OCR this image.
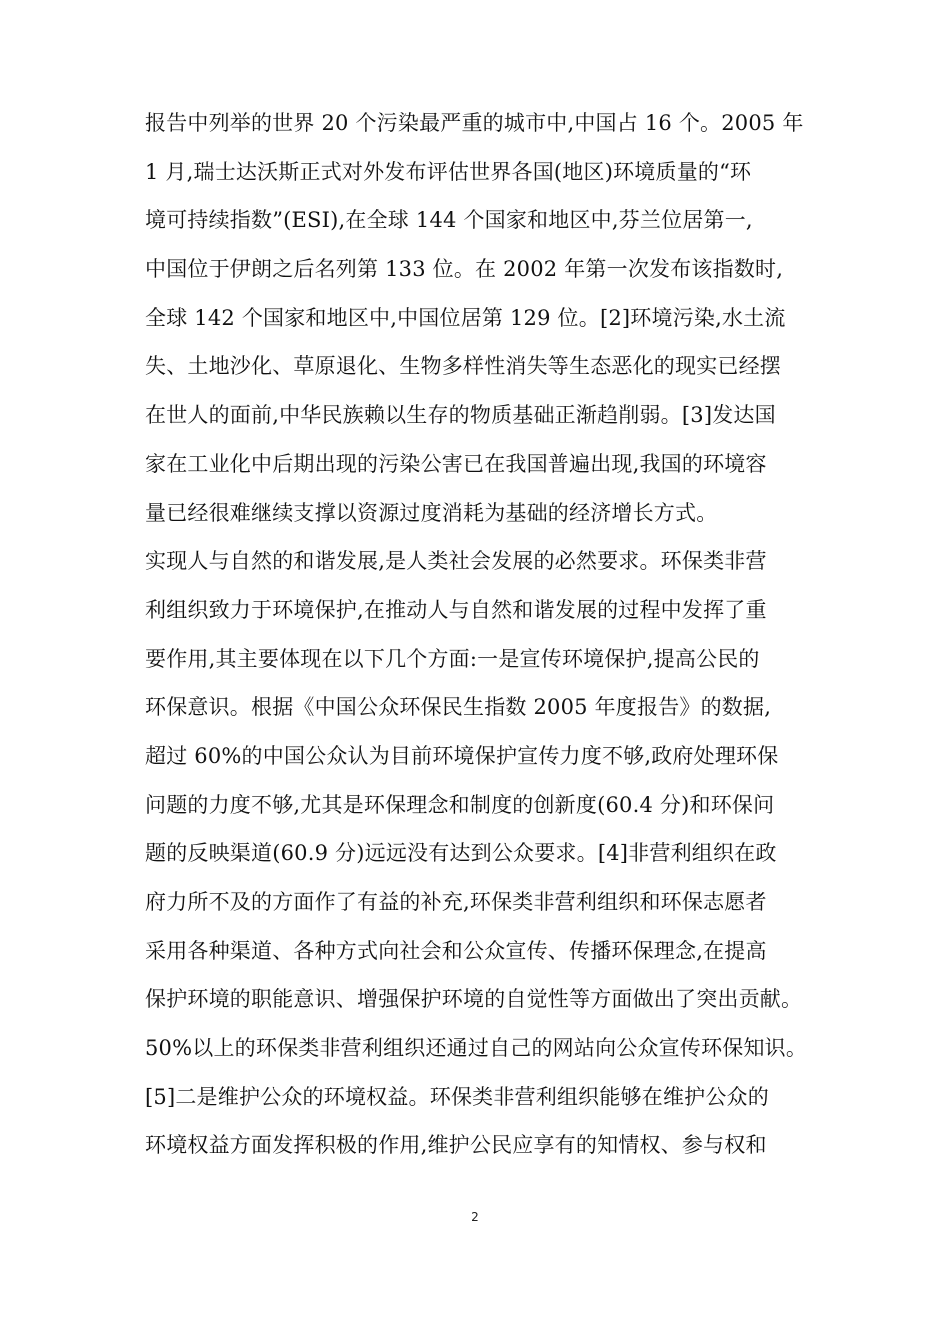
报告中列举的世界 20 个污染最严重的城市中,中国占 16 个。2005 年
1 月,瑞士达沃斯正式对外发布评估世界各国(地区)环境质量的“环
境可持续指数”(ESI),在全球 144 个国家和地区中,芬兰位居第一,
中国位于伊朗之后名列第 133 位。在 2002 年第一次发布该指数时,
全球 142 个国家和地区中,中国位居第 129 位。[2]环境污染,水土流
失、土地沙化、草原退化、生物多样性消失等生态恶化的现实已经摆
在世人的面前,中华民族赖以生存的物质基础正渐趋削弱。[3]发达国
家在工业化中后期出现的污染公害已在我国普遍出现,我国的环境容
量已经很难继续支撑以资源过度消耗为基础的经济增长方式。
实现人与自然的和谐发展,是人类社会发展的必然要求。环保类非营
利组织致力于环境保护,在推动人与自然和谐发展的过程中发挥了重
要作用,其主要体现在以下几个方面:一是宣传环境保护,提高公民的
环保意识。根据《中国公众环保民生指数 2005 年度报告》的数据,
超过 60%的中国公众认为目前环境保护宣传力度不够,政府处理环保
问题的力度不够,尤其是环保理念和制度的创新度(60.4 分)和环保问
题的反映渠道(60.9 分)远远没有达到公众要求。[4]非营利组织在政
府力所不及的方面作了有益的补充,环保类非营利组织和环保志愿者
采用各种渠道、各种方式向社会和公众宣传、传播环保理念,在提高
保护环境的职能意识、增强保护环境的自觉性等方面做出了突出贡献。
50%以上的环保类非营利组织还通过自己的网站向公众宣传环保知识。
[5]二是维护公众的环境权益。环保类非营利组织能够在维护公众的
环境权益方面发挥积极的作用,维护公民应享有的知情权、参与权和
2
